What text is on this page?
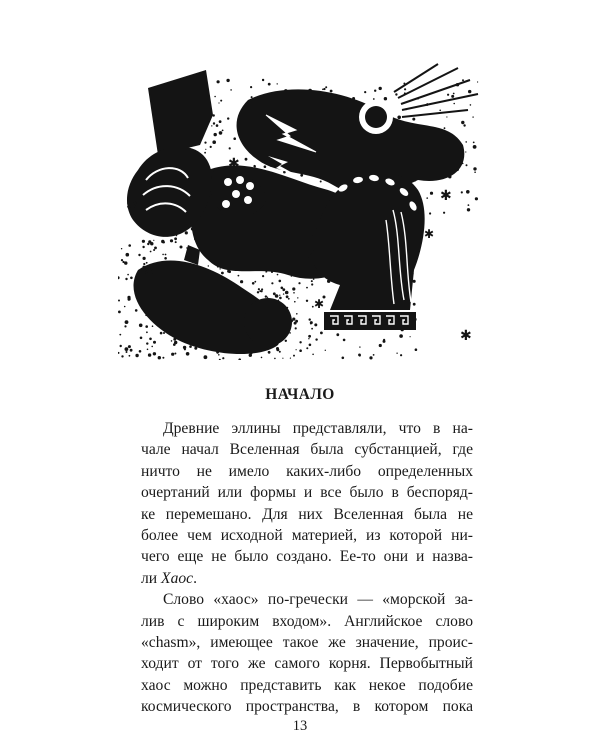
✱
✱
✱
✱
✱
✱
✱
НАЧАЛО
Древние эллины представляли, что в на-
чале начал Вселенная была субстанцией, где
ничто не имело каких-либо определенных
очертаний или формы и все было в беспоряд-
ке перемешано. Для них Вселенная была не
более чем исходной материей, из которой ни-
чего еще не было создано. Ее-то они и назва-
ли Хаос.
Слово «хаос» по-гречески — «морской за-
лив с широким входом». Английское слово
«chasm», имеющее такое же значение, проис-
ходит от того же самого корня. Первобытный
хаос можно представить как некое подобие
космического пространства, в котором пока
13
